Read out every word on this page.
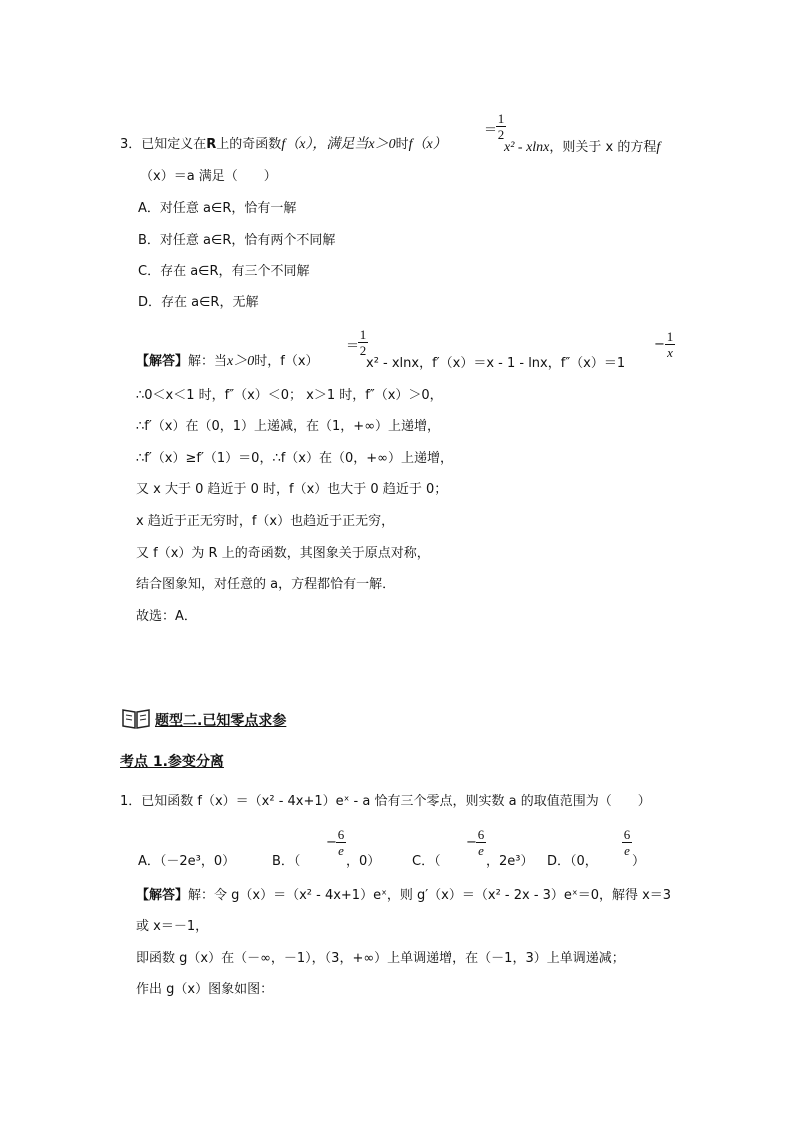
3．已知定义在R上的奇函数f（x），满足当x＞0时f（x）
＝
1
2
x² - xlnx，则关于 x 的方程f
（x）＝a 满足（　　）
A．对任意 a∈R，恰有一解
B．对任意 a∈R，恰有两个不同解
C．存在 a∈R，有三个不同解
D．存在 a∈R，无解
【解答】解：当x＞0时，f（x）
＝
1
2
x² - xlnx，f′（x）＝x - 1 - lnx，f″（x）＝1
−
1
x
∴0＜x＜1 时，f″（x）＜0； x＞1 时，f″（x）＞0，
∴f′（x）在（0，1）上递减，在（1，+∞）上递增，
∴f′（x）≥f′（1）＝0，∴f（x）在（0，+∞）上递增，
又 x 大于 0 趋近于 0 时，f（x）也大于 0 趋近于 0；
x 趋近于正无穷时，f（x）也趋近于正无穷，
又 f（x）为 R 上的奇函数，其图象关于原点对称，
结合图象知，对任意的 a，方程都恰有一解．
故选：A．
题型二.已知零点求参
考点 1.参变分离
1．已知函数 f（x）＝（x² - 4x+1）eˣ - a 恰有三个零点，则实数 a 的取值范围为（　　）
A．（－2e³，0）	B．（
−
6
e
，0） C．（
−
6
e
，2e³） D．（0，
6
e
）
【解答】解：令 g（x）＝（x² - 4x+1）eˣ，则 g′（x）＝（x² - 2x - 3）eˣ＝0，解得 x＝3
或 x＝－1，
即函数 g（x）在（－∞，－1），（3，+∞）上单调递增，在（－1，3）上单调递减；
作出 g（x）图象如图：
